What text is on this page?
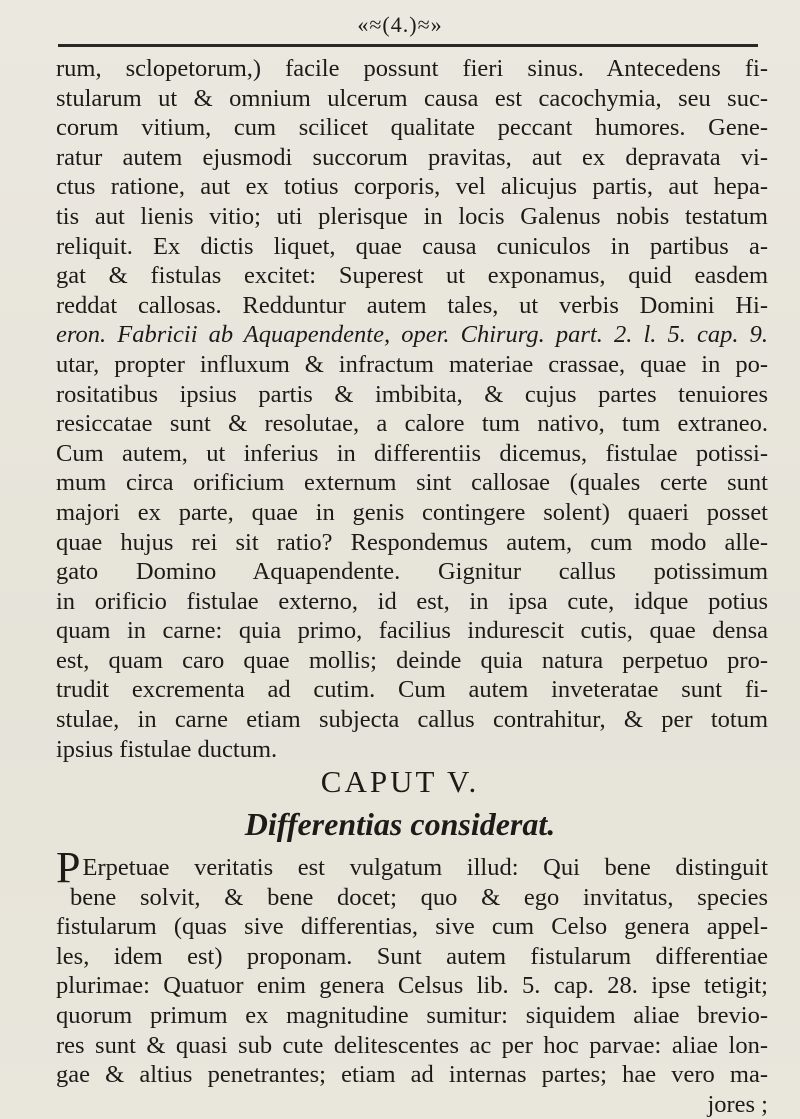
«≈(4.)≈»
rum, sclopetorum,) facile possunt fieri sinus. Antecedens fi-
stularum ut & omnium ulcerum causa est cacochymia, seu suc-
corum vitium, cum scilicet qualitate peccant humores. Gene-
ratur autem ejusmodi succorum pravitas, aut ex depravata vi-
ctus ratione, aut ex totius corporis, vel alicujus partis, aut hepa-
tis aut lienis vitio; uti plerisque in locis Galenus nobis testatum
reliquit. Ex dictis liquet, quae causa cuniculos in partibus a-
gat & fistulas excitet: Superest ut exponamus, quid easdem
reddat callosas. Redduntur autem tales, ut verbis Domini Hi-
eron. Fabricii ab Aquapendente, oper. Chirurg. part. 2. l. 5. cap. 9.
utar, propter influxum & infractum materiae crassae, quae in po-
rositatibus ipsius partis & imbibita, & cujus partes tenuiores
resiccatae sunt & resolutae, a calore tum nativo, tum extraneo.
Cum autem, ut inferius in differentiis dicemus, fistulae potissi-
mum circa orificium externum sint callosae (quales certe sunt
majori ex parte, quae in genis contingere solent) quaeri posset
quae hujus rei sit ratio? Respondemus autem, cum modo alle-
gato Domino Aquapendente. Gignitur callus potissimum
in orificio fistulae externo, id est, in ipsa cute, idque potius
quam in carne: quia primo, facilius indurescit cutis, quae densa
est, quam caro quae mollis; deinde quia natura perpetuo pro-
trudit excrementa ad cutim. Cum autem inveteratae sunt fi-
stulae, in carne etiam subjecta callus contrahitur, & per totum
ipsius fistulae ductum.
CAPUT V.
Differentias considerat.
P Erpetuae veritatis est vulgatum illud: Qui bene distinguit
bene solvit, & bene docet; quo & ego invitatus, species
fistularum (quas sive differentias, sive cum Celso genera appel-
les, idem est) proponam. Sunt autem fistularum differentiae
plurimae: Quatuor enim genera Celsus lib. 5. cap. 28. ipse tetigit;
quorum primum ex magnitudine sumitur: siquidem aliae brevio-
res sunt & quasi sub cute delitescentes ac per hoc parvae: aliae lon-
gae & altius penetrantes; etiam ad internas partes; hae vero ma-
jores ;
